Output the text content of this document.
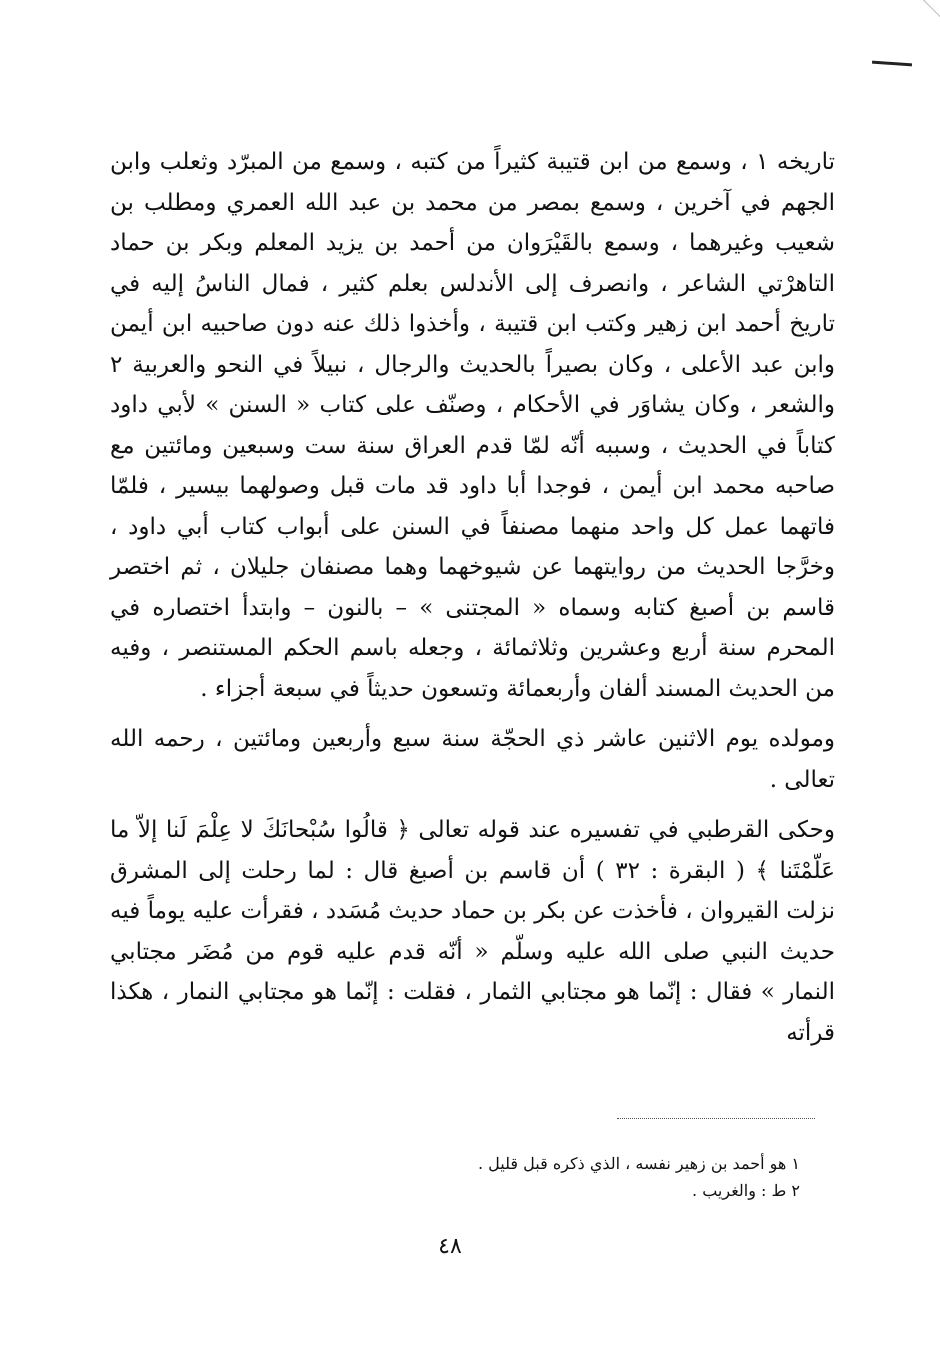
تاريخه ١ ، وسمع من ابن قتيبة كثيراً من كتبه ، وسمع من المبرّد وثعلب وابن الجهم في آخرين ، وسمع بمصر من محمد بن عبد الله العمري ومطلب بن شعيب وغيرهما ، وسمع بالقَيْرَوان من أحمد بن يزيد المعلم وبكر بن حماد التاهرْتي الشاعر ، وانصرف إلى الأندلس بعلم كثير ، فمال الناسُ إليه في تاريخ أحمد ابن زهير وكتب ابن قتيبة ، وأخذوا ذلك عنه دون صاحبيه ابن أيمن وابن عبد الأعلى ، وكان بصيراً بالحديث والرجال ، نبيلاً في النحو والعربية ٢ والشعر ، وكان يشاوَر في الأحكام ، وصنّف على كتاب « السنن » لأبي داود كتاباً في الحديث ، وسببه أنّه لمّا قدم العراق سنة ست وسبعين ومائتين مع صاحبه محمد ابن أيمن ، فوجدا أبا داود قد مات قبل وصولهما بيسير ، فلمّا فاتهما عمل كل واحد منهما مصنفاً في السنن على أبواب كتاب أبي داود ، وخرَّجا الحديث من روايتهما عن شيوخهما وهما مصنفان جليلان ، ثم اختصر قاسم بن أصبغ كتابه وسماه « المجتنى » – بالنون – وابتدأ اختصاره في المحرم سنة أربع وعشرين وثلاثمائة ، وجعله باسم الحكم المستنصر ، وفيه من الحديث المسند ألفان وأربعمائة وتسعون حديثاً في سبعة أجزاء .

ومولده يوم الاثنين عاشر ذي الحجّة سنة سبع وأربعين ومائتين ، رحمه الله تعالى .

وحكى القرطبي في تفسيره عند قوله تعالى ﴿ قالُوا سُبْحانَكَ لا عِلْمَ لَنا إلاّ ما عَلّمْتَنا ﴾ ( البقرة : ٣٢ ) أن قاسم بن أصبغ قال : لما رحلت إلى المشرق نزلت القيروان ، فأخذت عن بكر بن حماد حديث مُسَدد ، فقرأت عليه يوماً فيه حديث النبي صلى الله عليه وسلّم « أنّه قدم عليه قوم من مُضَر مجتابي النمار » فقال : إنّما هو مجتابي الثمار ، فقلت : إنّما هو مجتابي النمار ، هكذا قرأته

١ هو أحمد بن زهير نفسه ، الذي ذكره قبل قليل .
٢ ط : والغريب .
٤٨
